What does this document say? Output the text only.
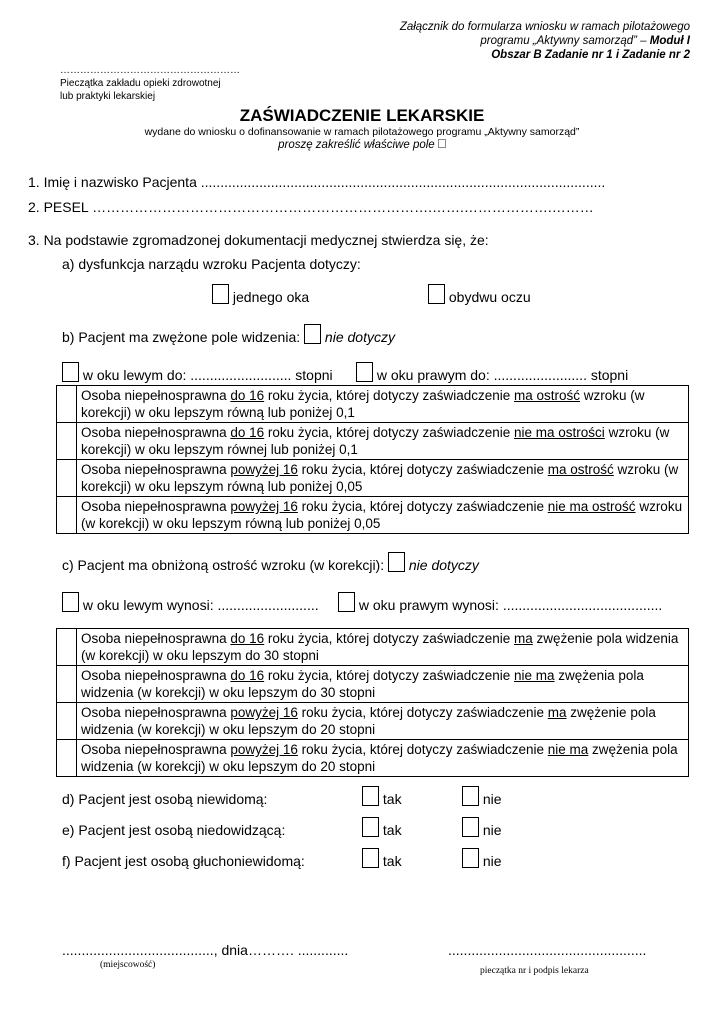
Załącznik do formularza wniosku w ramach pilotażowego
programu „Aktywny samorząd” – Moduł I
Obszar B Zadanie nr 1 i Zadanie nr 2
………………………………………………
Pieczątka zakładu opieki zdrowotnej
lub praktyki lekarskiej
ZAŚWIADCZENIE LEKARSKIE
wydane do wniosku o dofinansowanie w ramach pilotażowego programu „Aktywny samorząd”
proszę zakreślić właściwe pole
1. Imię i nazwisko Pacjenta ........................................................................................................
2. PESEL ……………………………………………………………….…….……………….………
3. Na podstawie zgromadzonej dokumentacji medycznej stwierdza się, że:
a) dysfunkcja narządu wzroku Pacjenta dotyczy:
jednego oka	obydwu oczu
b) Pacjent ma zwężone pole widzenia: nie dotyczy
w oku lewym do: .......................... stopni	w oku prawym do: ........................ stopni
	Osoba niepełnosprawna do 16 roku życia, której dotyczy zaświadczenie ma ostrość wzroku (w korekcji) w oku lepszym równą lub poniżej 0,1
	Osoba niepełnosprawna do 16 roku życia, której dotyczy zaświadczenie nie ma ostrości wzroku (w korekcji) w oku lepszym równej lub poniżej 0,1
	Osoba niepełnosprawna powyżej 16 roku życia, której dotyczy zaświadczenie ma ostrość wzroku (w korekcji) w oku lepszym równą lub poniżej 0,05
	Osoba niepełnosprawna powyżej 16 roku życia, której dotyczy zaświadczenie nie ma ostrość wzroku (w korekcji) w oku lepszym równą lub poniżej 0,05
c) Pacjent ma obniżoną ostrość wzroku (w korekcji): nie dotyczy
w oku lewym wynosi: ..........................	w oku prawym wynosi: .........................................
	Osoba niepełnosprawna do 16 roku życia, której dotyczy zaświadczenie ma zwężenie pola widzenia (w korekcji) w oku lepszym do 30 stopni
	Osoba niepełnosprawna do 16 roku życia, której dotyczy zaświadczenie nie ma zwężenia pola widzenia (w korekcji) w oku lepszym do 30 stopni
	Osoba niepełnosprawna powyżej 16 roku życia, której dotyczy zaświadczenie ma zwężenie pola widzenia (w korekcji) w oku lepszym do 20 stopni
	Osoba niepełnosprawna powyżej 16 roku życia, której dotyczy zaświadczenie nie ma zwężenia pola widzenia (w korekcji) w oku lepszym do 20 stopni
d) Pacjent jest osobą niewidomą:	tak	nie
e) Pacjent jest osobą niedowidzącą:	tak	nie
f) Pacjent jest osobą głuchoniewidomą:	tak	nie
......................................., dnia………. .............
(miejscowość)
...................................................
pieczątka nr i podpis lekarza
